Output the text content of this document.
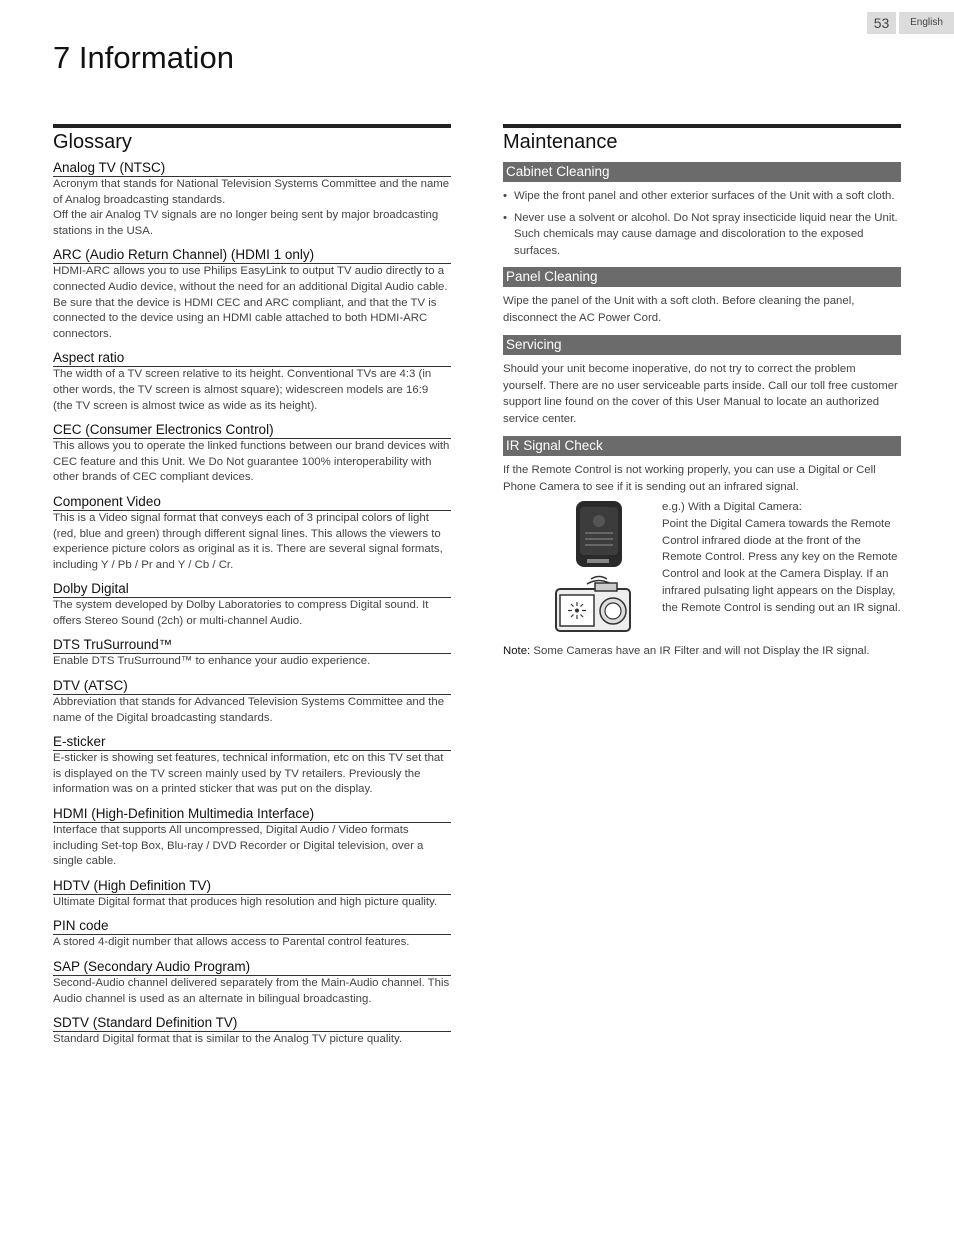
53	English
7 Information
Glossary
Analog TV (NTSC)

Acronym that stands for National Television Systems Committee and the name of Analog broadcasting standards.
Off the air Analog TV signals are no longer being sent by major broadcasting stations in the USA.

ARC (Audio Return Channel) (HDMI 1 only)

HDMI-ARC allows you to use Philips EasyLink to output TV audio directly to a connected Audio device, without the need for an additional Digital Audio cable. Be sure that the device is HDMI CEC and ARC compliant, and that the TV is connected to the device using an HDMI cable attached to both HDMI-ARC connectors.

Aspect ratio

The width of a TV screen relative to its height. Conventional TVs are 4:3 (in other words, the TV screen is almost square); widescreen models are 16:9 (the TV screen is almost twice as wide as its height).

CEC (Consumer Electronics Control)

This allows you to operate the linked functions between our brand devices with CEC feature and this Unit. We Do Not guarantee 100% interoperability with other brands of CEC compliant devices.

Component Video

This is a Video signal format that conveys each of 3 principal colors of light (red, blue and green) through different signal lines. This allows the viewers to experience picture colors as original as it is. There are several signal formats, including Y / Pb / Pr and Y / Cb / Cr.

Dolby Digital

The system developed by Dolby Laboratories to compress Digital sound. It offers Stereo Sound (2ch) or multi-channel Audio.

DTS TruSurround™

Enable DTS TruSurround™ to enhance your audio experience.

DTV (ATSC)

Abbreviation that stands for Advanced Television Systems Committee and the name of the Digital broadcasting standards.

E-sticker

E-sticker is showing set features, technical information, etc on this TV set that is displayed on the TV screen mainly used by TV retailers. Previously the information was on a printed sticker that was put on the display.

HDMI (High-Definition Multimedia Interface)

Interface that supports All uncompressed, Digital Audio / Video formats including Set-top Box, Blu-ray / DVD Recorder or Digital television, over a single cable.

HDTV (High Definition TV)

Ultimate Digital format that produces high resolution and high picture quality.

PIN code

A stored 4-digit number that allows access to Parental control features.

SAP (Secondary Audio Program)

Second-Audio channel delivered separately from the Main-Audio channel. This Audio channel is used as an alternate in bilingual broadcasting.

SDTV (Standard Definition TV)

Standard Digital format that is similar to the Analog TV picture quality.

Maintenance
Cabinet Cleaning
• Wipe the front panel and other exterior surfaces of the Unit with a soft cloth.
• Never use a solvent or alcohol. Do Not spray insecticide liquid near the Unit. Such chemicals may cause damage and discoloration to the exposed surfaces.
Panel Cleaning

Wipe the panel of the Unit with a soft cloth. Before cleaning the panel, disconnect the AC Power Cord.

Servicing

Should your unit become inoperative, do not try to correct the problem yourself. There are no user serviceable parts inside. Call our toll free customer support line found on the cover of this User Manual to locate an authorized service center.

IR Signal Check

If the Remote Control is not working properly, you can use a Digital or Cell Phone Camera to see if it is sending out an infrared signal.

e.g.) With a Digital Camera:
Point the Digital Camera towards the Remote Control infrared diode at the front of the Remote Control. Press any key on the Remote Control and look at the Camera Display. If an infrared pulsating light appears on the Display, the Remote Control is sending out an IR signal.
Note: Some Cameras have an IR Filter and will not Display the IR signal.
